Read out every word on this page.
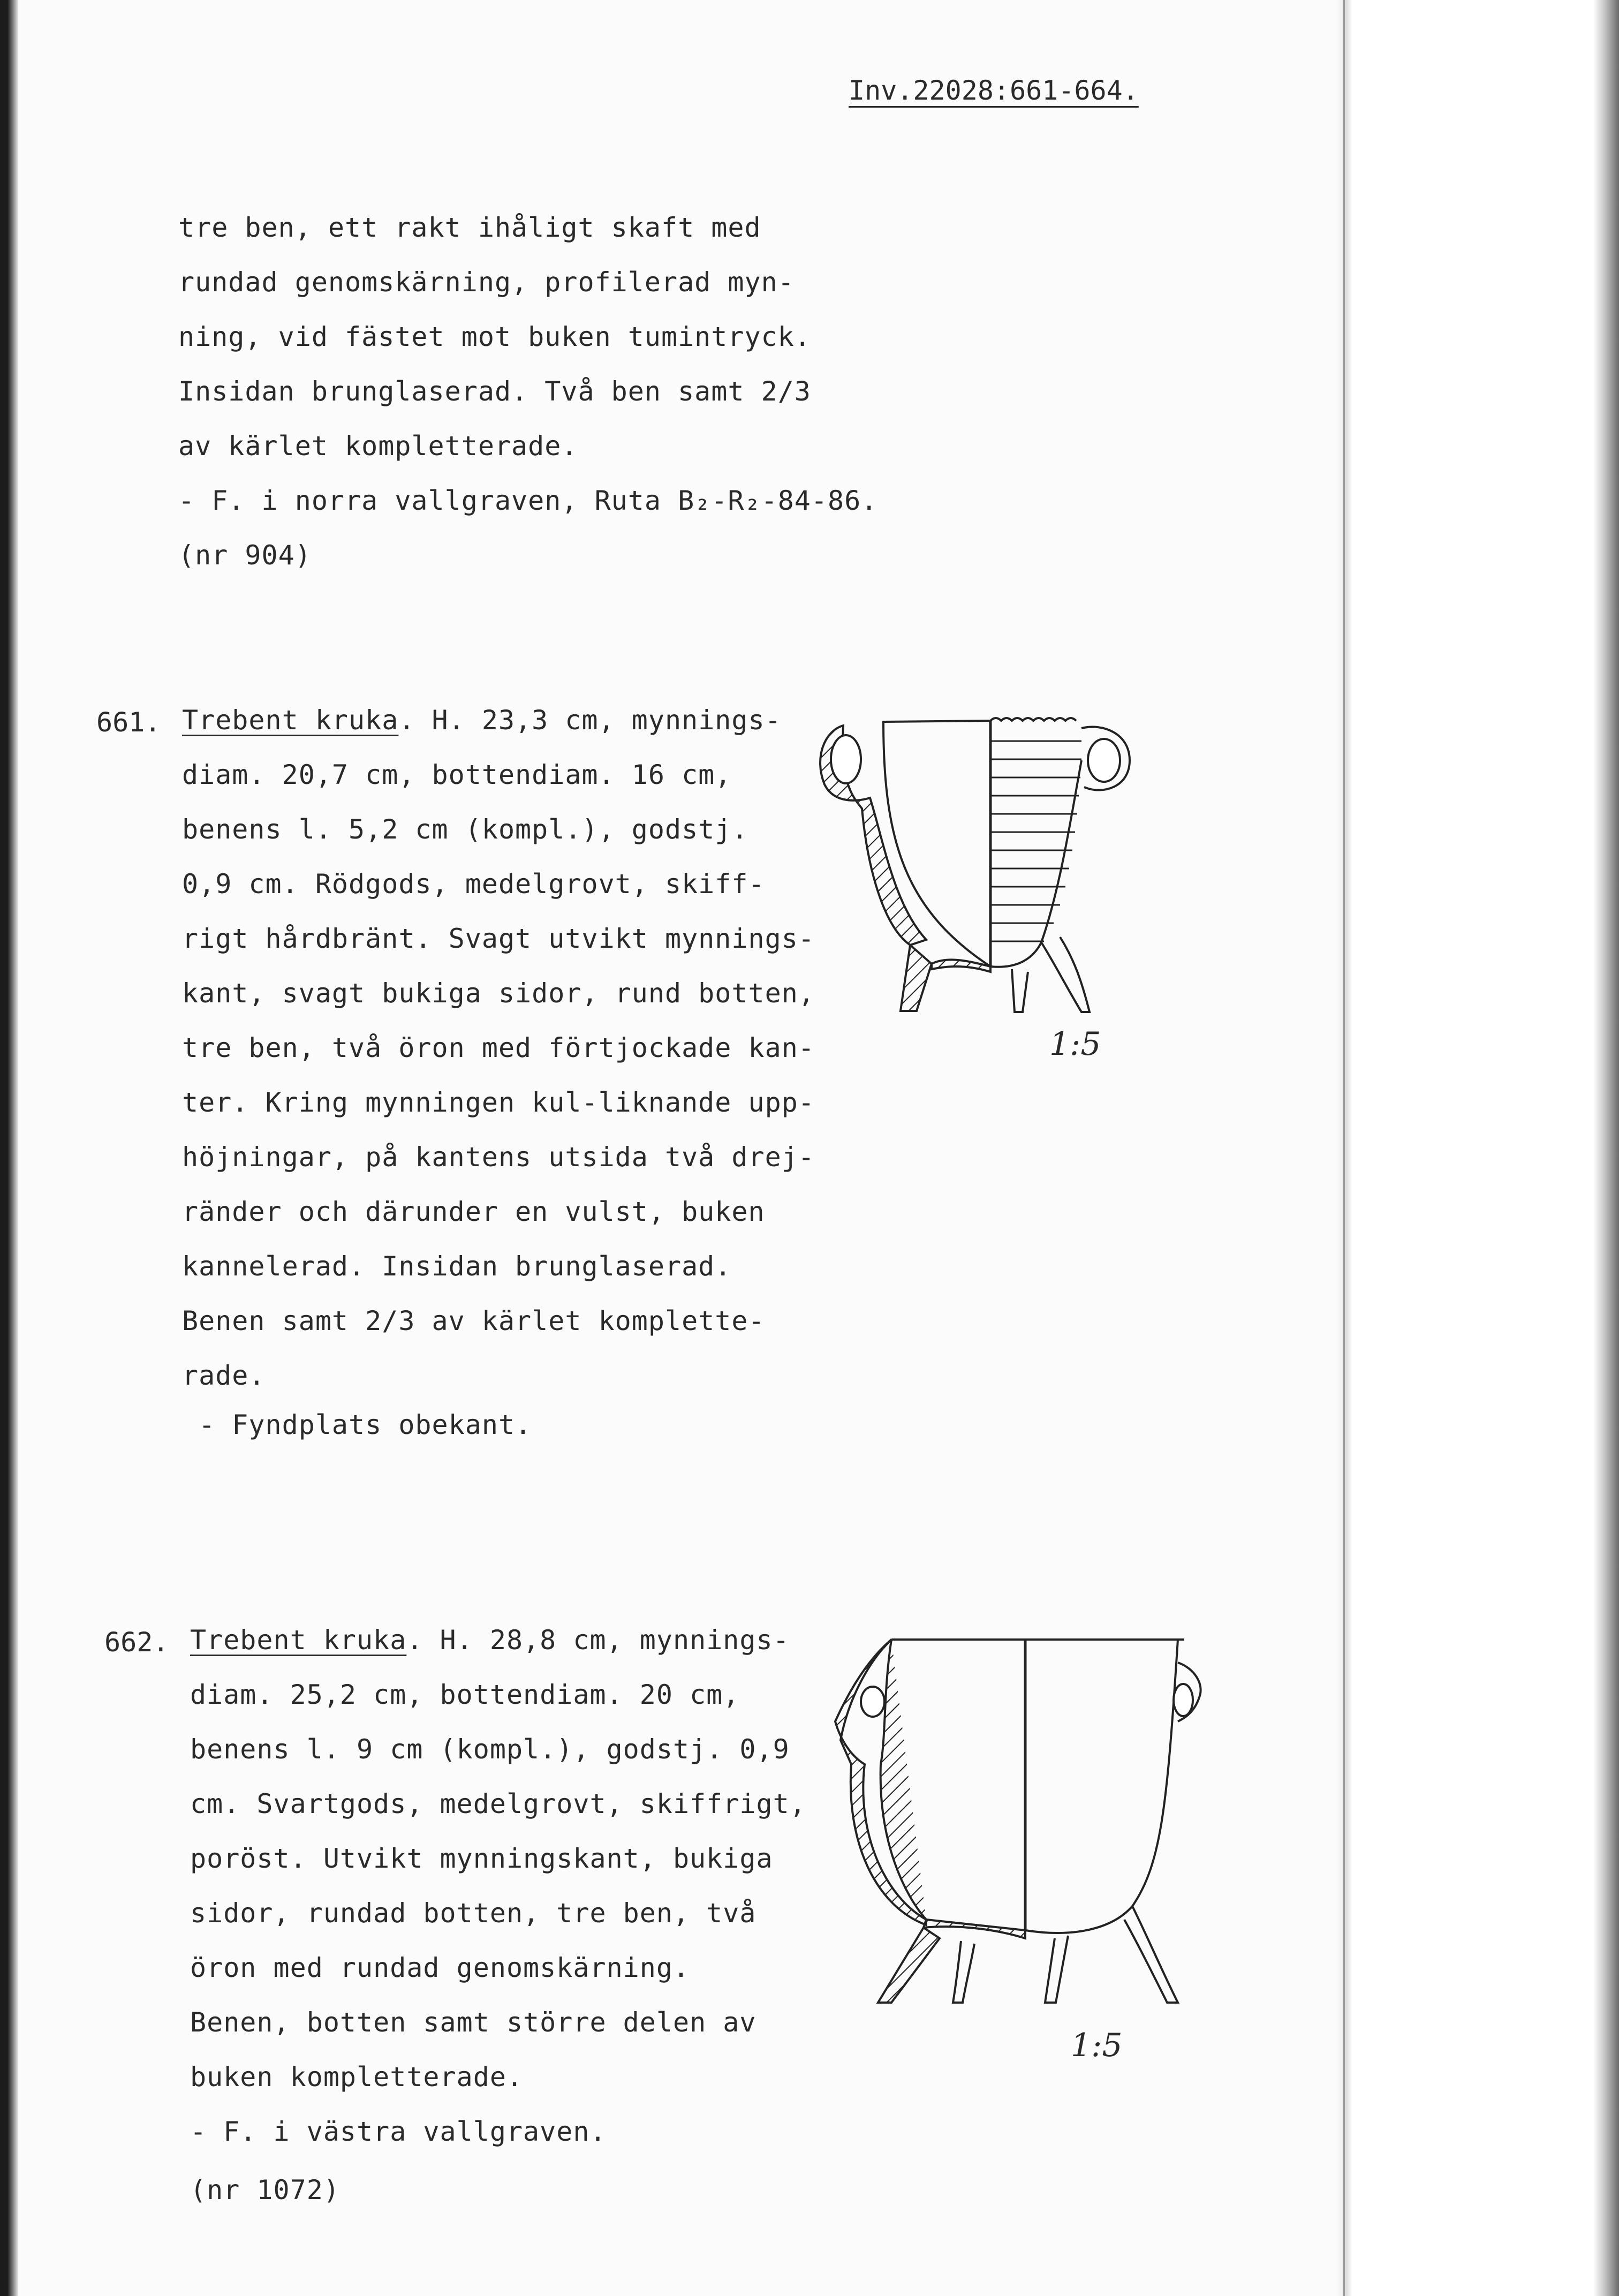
Inv.22028:661-664.
tre ben, ett rakt ihåligt skaft med
rundad genomskärning, profilerad myn-
ning, vid fästet mot buken tumintryck.
Insidan brunglaserad. Två ben samt 2/3
av kärlet kompletterade.
- F. i norra vallgraven, Ruta B₂-R₂-84-86.
(nr 904)
661. Trebent kruka. H. 23,3 cm, mynnings-
diam. 20,7 cm, bottendiam. 16 cm,
benens l. 5,2 cm (kompl.), godstj.
0,9 cm. Rödgods, medelgrovt, skiff-
rigt hårdbränt. Svagt utvikt mynnings-
kant, svagt bukiga sidor, rund botten,
tre ben, två öron med förtjockade kan-
ter. Kring mynningen kul-liknande upp-
höjningar, på kantens utsida två drej-
ränder och därunder en vulst, buken
kannelerad. Insidan brunglaserad.
Benen samt 2/3 av kärlet komplette-
rade.
- Fyndplats obekant.
1:5
662. Trebent kruka. H. 28,8 cm, mynnings-
diam. 25,2 cm, bottendiam. 20 cm,
benens l. 9 cm (kompl.), godstj. 0,9
cm. Svartgods, medelgrovt, skiffrigt,
poröst. Utvikt mynningskant, bukiga
sidor, rundad botten, tre ben, två
öron med rundad genomskärning.
Benen, botten samt större delen av
buken kompletterade.
- F. i västra vallgraven.
(nr 1072)
1:5
